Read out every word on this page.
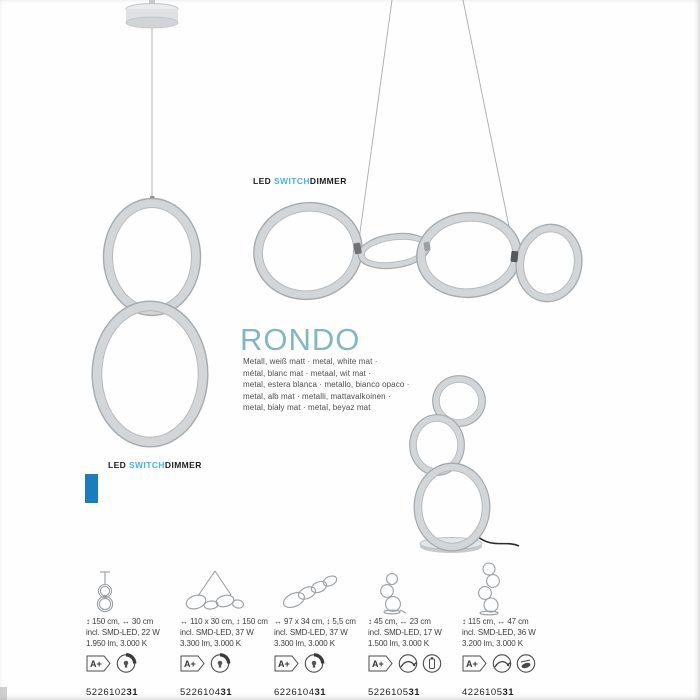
LED SWITCHDIMMER
RONDO
Metall, weiß matt · metal, white mat ·
métal, blanc mat · metaal, wit mat ·
metal, estera blanca · metallo, bianco opaco ·
metal, alb mat · metalli, mattavalkoinen ·
metal, biały mat · metal, beyaz mat
LED SWITCHDIMMER
↕ 150 cm, ↔ 30 cm
incl. SMD-LED, 22 W
1.950 lm, 3.000 K
A+
522610231
↔ 110 x 30 cm, ↕ 150 cm
incl. SMD-LED, 37 W
3.300 lm, 3.000 K
A+
522610431
↔ 97 x 34 cm, ↕ 5,5 cm
incl. SMD-LED, 37 W
3.300 lm, 3.000 K
A+
622610431
↕ 45 cm, ↔ 23 cm
incl. SMD-LED, 17 W
1.500 lm, 3.000 K
A+
522610531
↕ 115 cm, ↔ 47 cm
incl. SMD-LED, 36 W
3.200 lm, 3.000 K
A+
422610531
